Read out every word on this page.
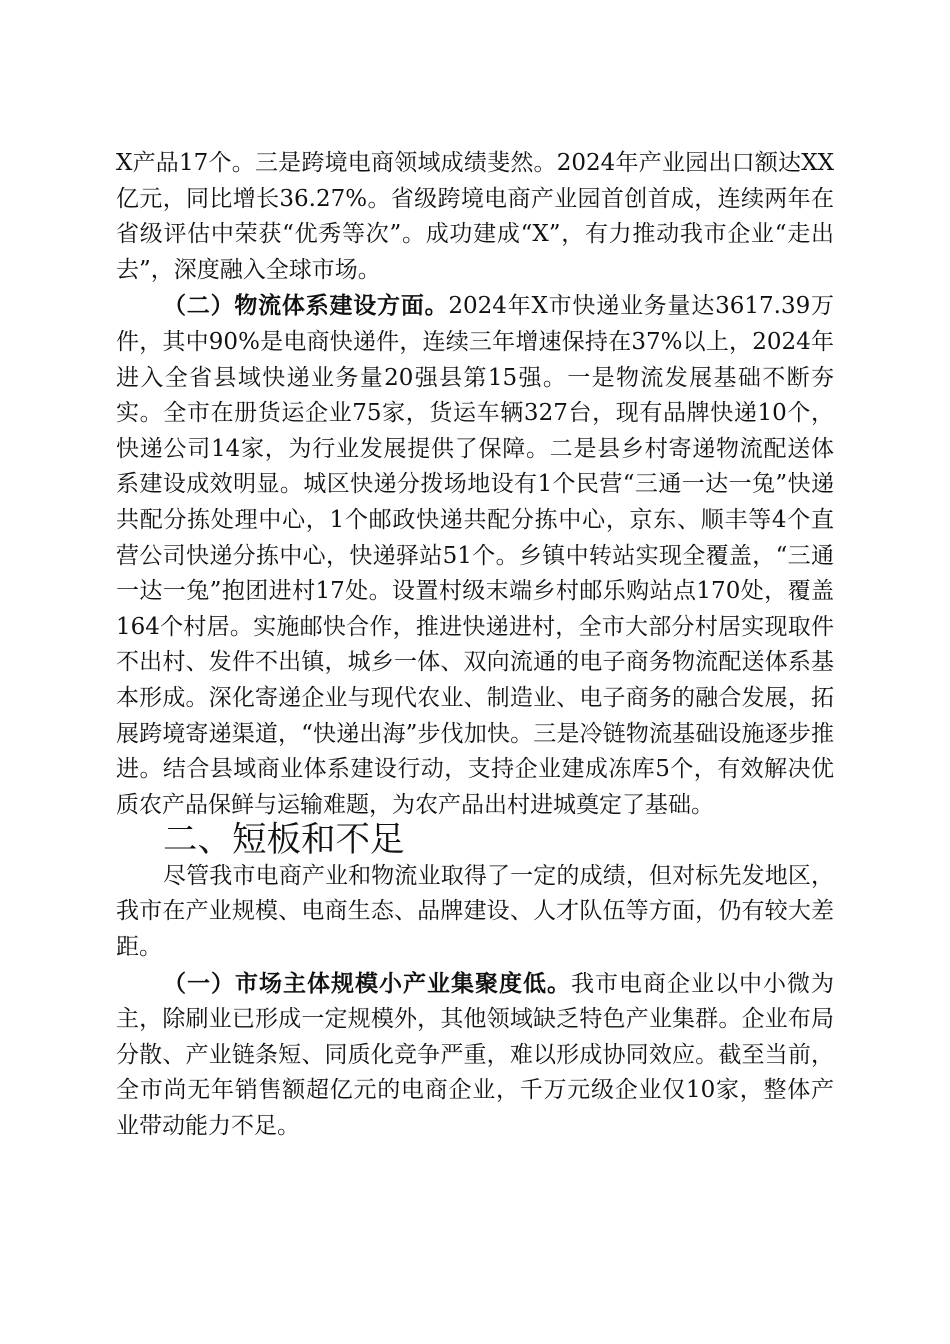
X产品17个。三是跨境电商领域成绩斐然。2024年产业园出口额达XX亿元，同比增长36.27%。省级跨境电商产业园首创首成，连续两年在省级评估中荣获“优秀等次”。成功建成“X”，有力推动我市企业“走出去”，深度融入全球市场。

（二）物流体系建设方面。2024年X市快递业务量达3617.39万件，其中90%是电商快递件，连续三年增速保持在37%以上，2024年进入全省县域快递业务量20强县第15强。一是物流发展基础不断夯实。全市在册货运企业75家，货运车辆327台，现有品牌快递10个，快递公司14家，为行业发展提供了保障。二是县乡村寄递物流配送体系建设成效明显。城区快递分拨场地设有1个民营“三通一达一兔”快递共配分拣处理中心，1个邮政快递共配分拣中心，京东、顺丰等4个直营公司快递分拣中心，快递驿站51个。乡镇中转站实现全覆盖，“三通一达一兔”抱团进村17处。设置村级末端乡村邮乐购站点170处，覆盖164个村居。实施邮快合作，推进快递进村，全市大部分村居实现取件不出村、发件不出镇，城乡一体、双向流通的电子商务物流配送体系基本形成。深化寄递企业与现代农业、制造业、电子商务的融合发展，拓展跨境寄递渠道，“快递出海”步伐加快。三是冷链物流基础设施逐步推进。结合县域商业体系建设行动，支持企业建成冻库5个，有效解决优质农产品保鲜与运输难题，为农产品出村进城奠定了基础。

二、短板和不足

尽管我市电商产业和物流业取得了一定的成绩，但对标先发地区，我市在产业规模、电商生态、品牌建设、人才队伍等方面，仍有较大差距。

（一）市场主体规模小产业集聚度低。我市电商企业以中小微为主，除刷业已形成一定规模外，其他领域缺乏特色产业集群。企业布局分散、产业链条短、同质化竞争严重，难以形成协同效应。截至当前，全市尚无年销售额超亿元的电商企业，千万元级企业仅10家，整体产业带动能力不足。
